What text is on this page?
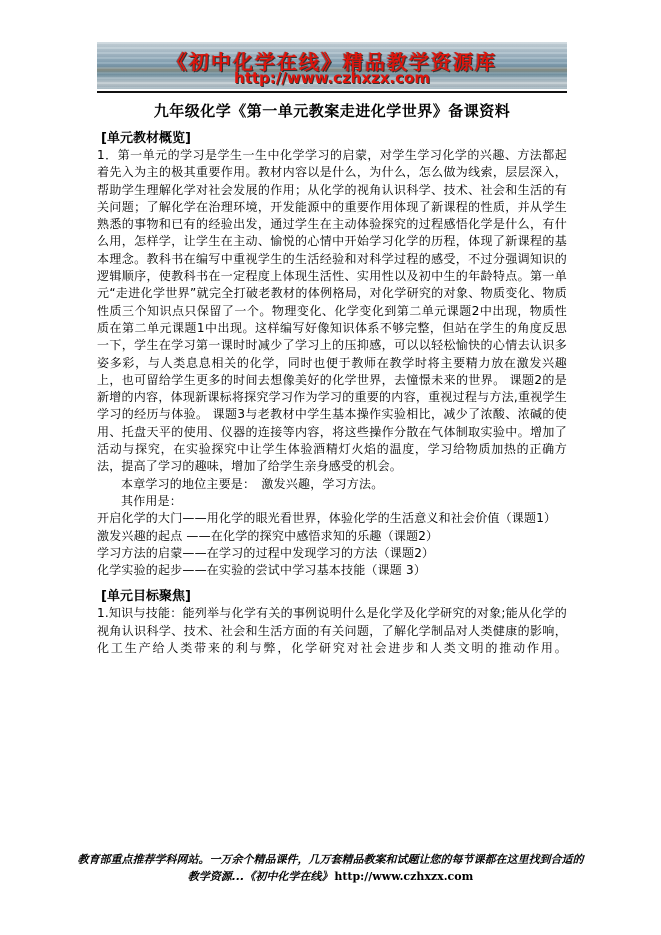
《初中化学在线》精品教学资源库
http://www.czhxzx.com
九年级化学《第一单元教案走进化学世界》备课资料
[单元教材概览]

1．第一单元的学习是学生一生中化学学习的启蒙，对学生学习化学的兴趣、方法都起着先入为主的极其重要作用。教材内容以是什么，为什么，怎么做为线索，层层深入，帮助学生理解化学对社会发展的作用；从化学的视角认识科学、技术、社会和生活的有关问题；了解化学在治理环境，开发能源中的重要作用体现了新课程的性质，并从学生熟悉的事物和已有的经验出发，通过学生在主动体验探究的过程感悟化学是什么，有什么用，怎样学，让学生在主动、愉悦的心情中开始学习化学的历程，体现了新课程的基本理念。教科书在编写中重视学生的生活经验和对科学过程的感受，不过分强调知识的逻辑顺序，使教科书在一定程度上体现生活性、实用性以及初中生的年龄特点。第一单元“走进化学世界”就完全打破老教材的体例格局，对化学研究的对象、物质变化、物质性质三个知识点只保留了一个。物理变化、化学变化到第二单元课题2中出现，物质性质在第二单元课题1中出现。这样编写好像知识体系不够完整，但站在学生的角度反思一下，学生在学习第一课时时减少了学习上的压抑感，可以以轻松愉快的心情去认识多姿多彩，与人类息息相关的化学，同时也便于教师在教学时将主要精力放在激发兴趣上，也可留给学生更多的时间去想像美好的化学世界，去憧憬未来的世界。 课题2的是新增的内容，体现新课标将探究学习作为学习的重要的内容，重视过程与方法,重视学生学习的经历与体验。 课题3与老教材中学生基本操作实验相比，减少了浓酸、浓碱的使用、托盘天平的使用、仪器的连接等内容，将这些操作分散在气体制取实验中。增加了活动与探究，在实验探究中让学生体验酒精灯火焰的温度，学习给物质加热的正确方法，提高了学习的趣味，增加了给学生亲身感受的机会。

本章学习的地位主要是：　激发兴趣，学习方法。

其作用是：

开启化学的大门——用化学的眼光看世界，体验化学的生活意义和社会价值（课题1）

激发兴趣的起点 ——在化学的探究中感悟求知的乐趣（课题2）

学习方法的启蒙——在学习的过程中发现学习的方法（课题2）

化学实验的起步——在实验的尝试中学习基本技能（课题 3）

[单元目标聚焦]

1.知识与技能：能列举与化学有关的事例说明什么是化学及化学研究的对象;能从化学的视角认识科学、技术、社会和生活方面的有关问题，了解化学制品对人类健康的影响，化工生产给人类带来的利与弊，化学研究对社会进步和人类文明的推动作用。

教育部重点推荐学科网站。一万余个精品课件，几万套精品教案和试题让您的每节课都在这里找到合适的
教学资源...《初中化学在线》 http://www.czhxzx.com
